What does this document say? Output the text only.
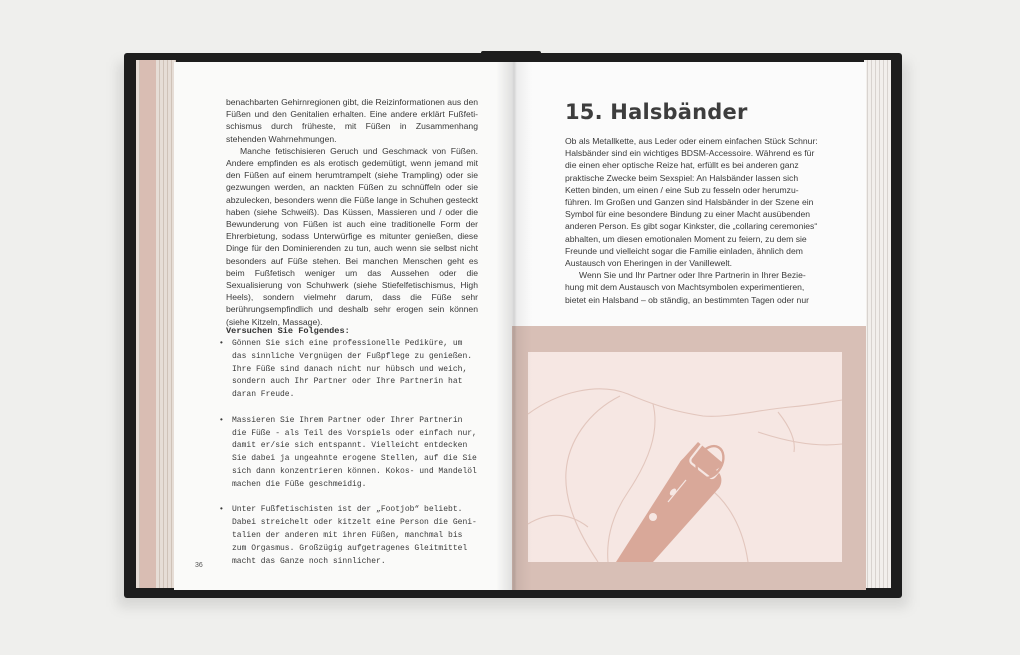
benachbarten Gehirnregionen gibt, die Reizinformationen aus den Füßen und den Genitalien erhalten. Eine andere erklärt Fußfeti-schismus durch früheste, mit Füßen in Zusammenhang stehenden Wahrnehmungen.

Manche fetischisieren Geruch und Geschmack von Füßen. Andere empfinden es als erotisch gedemütigt, wenn jemand mit den Füßen auf einem herumtrampelt (siehe Trampling) oder sie gezwungen werden, an nackten Füßen zu schnüffeln oder sie abzulecken, besonders wenn die Füße lange in Schuhen gesteckt haben (siehe Schweiß). Das Küssen, Massieren und / oder die Bewunderung von Füßen ist auch eine traditionelle Form der Ehrerbietung, sodass Unterwürfige es mitunter genießen, diese Dinge für den Dominierenden zu tun, auch wenn sie selbst nicht besonders auf Füße stehen. Bei manchen Menschen geht es beim Fußfetisch weniger um das Aussehen oder die Sexualisierung von Schuhwerk (siehe Stiefelfetischismus, High Heels), sondern vielmehr darum, dass die Füße sehr berührungsempfindlich und deshalb sehr erogen sein können (siehe Kitzeln, Massage).

Versuchen Sie Folgendes:
• Gönnen Sie sich eine professionelle Pediküre, um das sinnliche Vergnügen der Fußpflege zu genießen. Ihre Füße sind danach nicht nur hübsch und weich, sondern auch Ihr Partner oder Ihre Partnerin hat daran Freude.
• Massieren Sie Ihrem Partner oder Ihrer Partnerin die Füße - als Teil des Vorspiels oder einfach nur, damit er/sie sich entspannt. Vielleicht entdecken Sie dabei ja ungeahnte erogene Stellen, auf die Sie sich dann konzentrieren können. Kokos- und Mandelöl machen die Füße geschmeidig.
• Unter Fußfetischisten ist der „Footjob“ beliebt. Dabei streichelt oder kitzelt eine Person die Geni-talien der anderen mit ihren Füßen, manchmal bis zum Orgasmus. Großzügig aufgetragenes Gleitmittel macht das Ganze noch sinnlicher.
36
15. Halsbänder

Ob als Metallkette, aus Leder oder einem einfachen Stück Schnur: Halsbänder sind ein wichtiges BDSM-Accessoire. Während es für die einen eher optische Reize hat, erfüllt es bei anderen ganz praktische Zwecke beim Sexspiel: An Halsbänder lassen sich Ketten binden, um einen / eine Sub zu fesseln oder herumzu-führen. Im Großen und Ganzen sind Halsbänder in der Szene ein Symbol für eine besondere Bindung zu einer Macht ausübenden anderen Person. Es gibt sogar Kinkster, die „collaring ceremonies“ abhalten, um diesen emotionalen Moment zu feiern, zu dem sie Freunde und vielleicht sogar die Familie einladen, ähnlich dem Austausch von Eheringen in der Vanillewelt.

Wenn Sie und Ihr Partner oder Ihre Partnerin in Ihrer Bezie-hung mit dem Austausch von Machtsymbolen experimentieren, bietet ein Halsband – ob ständig, an bestimmten Tagen oder nur
